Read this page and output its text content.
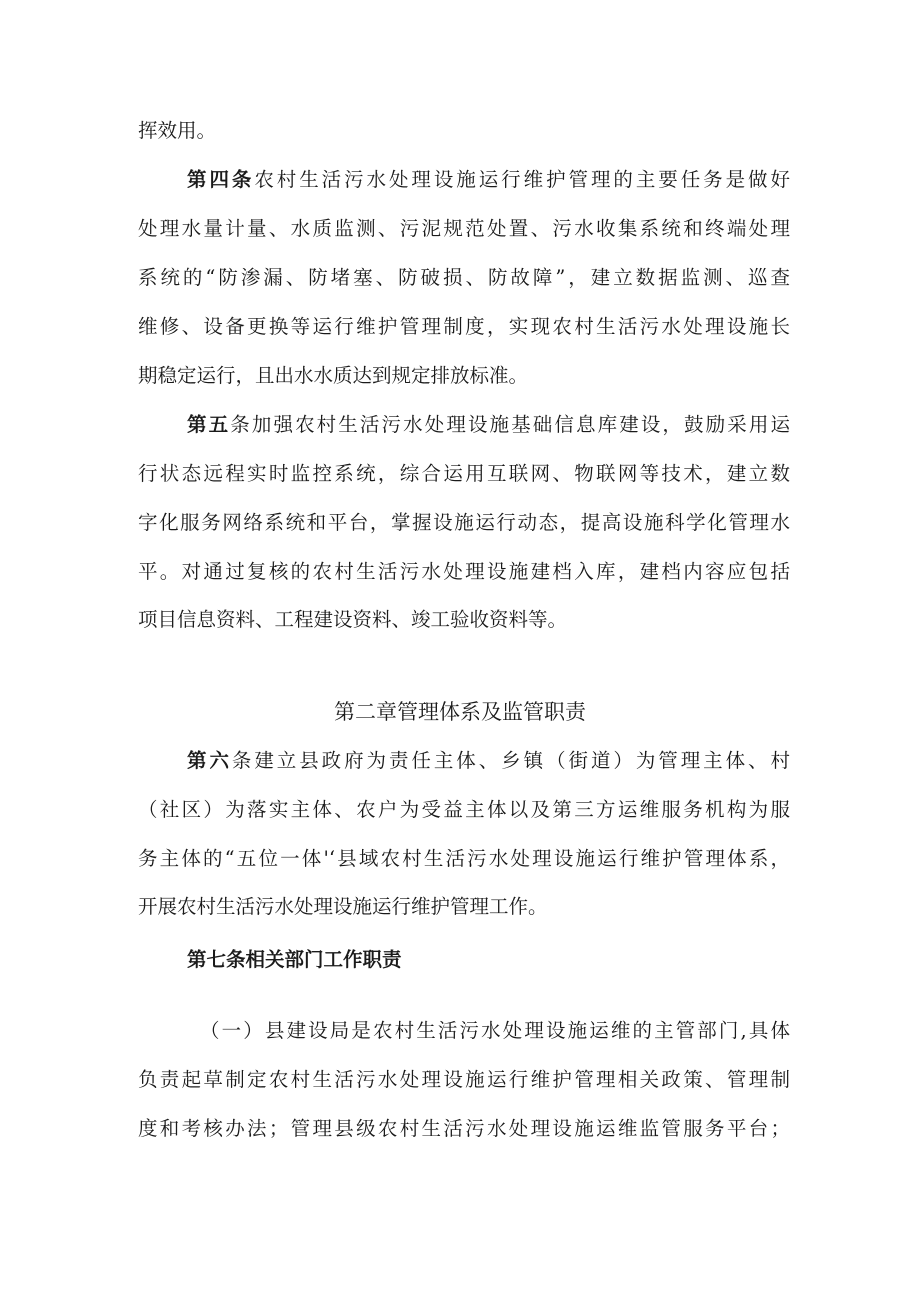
挥效用。
第四条农村生活污水处理设施运行维护管理的主要任务是做好
处理水量计量、水质监测、污泥规范处置、污水收集系统和终端处理
系统的“防渗漏、防堵塞、防破损、防故障”，建立数据监测、巡查
维修、设备更换等运行维护管理制度，实现农村生活污水处理设施长
期稳定运行，且出水水质达到规定排放标准。
第五条加强农村生活污水处理设施基础信息库建设，鼓励采用运
行状态远程实时监控系统，综合运用互联网、物联网等技术，建立数
字化服务网络系统和平台，掌握设施运行动态，提高设施科学化管理水
平。对通过复核的农村生活污水处理设施建档入库，建档内容应包括
项目信息资料、工程建设资料、竣工验收资料等。
第二章管理体系及监管职责
第六条建立县政府为责任主体、乡镇（街道）为管理主体、村
（社区）为落实主体、农户为受益主体以及第三方运维服务机构为服
务主体的“五位一体'‘县域农村生活污水处理设施运行维护管理体系，
开展农村生活污水处理设施运行维护管理工作。
第七条相关部门工作职责
（一）县建设局是农村生活污水处理设施运维的主管部门,具体
负责起草制定农村生活污水处理设施运行维护管理相关政策、管理制
度和考核办法；管理县级农村生活污水处理设施运维监管服务平台；
